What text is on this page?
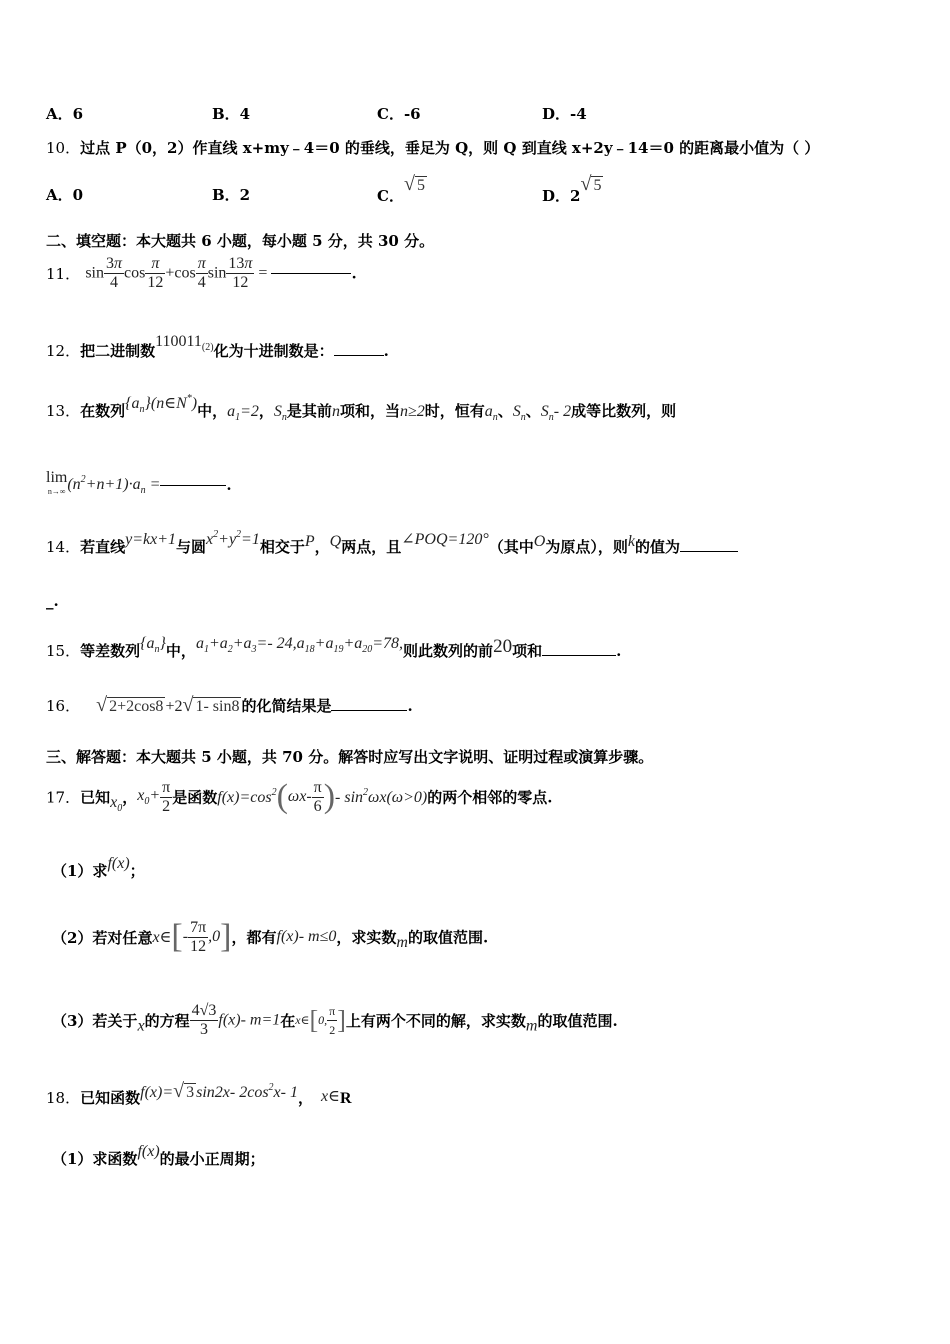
A．6	B．4	C．-6	D．-4
10．过点 P（0，2）作直线 x+my﹣4＝0 的垂线，垂足为 Q，则 Q 到直线 x+2y﹣14＝0 的距离最小值为（ ）
A．0	B．2	C．√ 5
D．2√ 5
二、填空题：本大题共 6 小题，每小题 5 分，共 30 分。
11． $\sin \frac{3\pi}{4}$ $\cos \frac{\pi}{12} +\cos \frac{\pi}{4}$ $\sin \frac{13\pi}{12}$ =	.
12．把二进制数110011$^{(2)}$化为十进制数是：	.
13．在数列$\{a_n\}(n\in N^*)$中，$a_1=2$，$S_n$是其前n项和，当n≥2时，恒有$a_n$、$S_n$、$S_n-$ 2成等比数列，则
lim
n→∞ $(n^2+n+1)\cdot a_n$ =	.
14．若直线y=kx+1与圆$x^2+y^2=1$相交于P，Q两点，且∠POQ=120°（其中O为原点），则k的值为
_.
15．等差数列$\{a_n\}$中，$a_1+a_2+a_3=-$ $24,a_{18}+a_{19}+a_{20}=78$,则此数列的前20项和	.
16． √ 2+2cos8 +2√ 1- sin8 的化简结果是	.
三、解答题：本大题共 5 小题，共 70 分。解答时应写出文字说明、证明过程或演算步骤。
17．已知$x_0$，$x_0+ \frac{\pi}{2}$ 是函数$f(x)=\cos^2(\omega x- \frac{\pi}{6}$ )- $\sin^2\omega x(\omega>0)$的两个相邻的零点.
（1）求f(x)；
（2）若对任意x∈[- $\frac{7\pi}{12} ,0$]，都有f(x)- m≤0，求实数m的取值范围.
（3）若关于x的方程 $\frac{4√3}{3} f(x)-$ m=1在x∈[0, $\frac{\pi}{2}$ ]上有两个不同的解，求实数m的取值范围.
18．已知函数f(x)=√ 3 sin2x- $2\cos^2x-$ 1， x∈R
（1）求函数f(x)的最小正周期；
